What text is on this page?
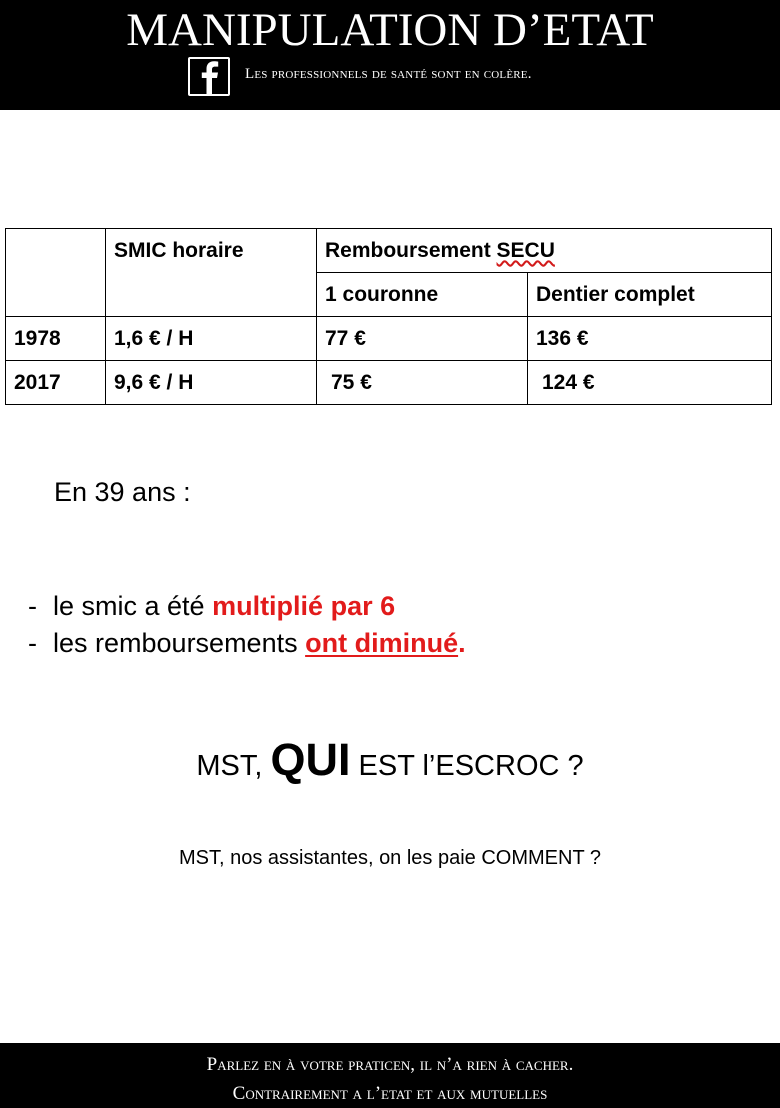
MANIPULATION D’ETAT
Les professionnels de santé sont en colère.
	SMIC horaire	Remboursement SECU	
		1 couronne	Dentier complet
1978	1,6 € / H	77 €	136 €
2017	9,6 € / H	75 €	124 €
En 39 ans :
- le smic a été multiplié par 6
- les remboursements ont diminué.
MST, QUI EST l’ESCROC ?
MST, nos assistantes, on les paie COMMENT ?
Parlez en à votre praticen, il n’a rien à cacher.
Contrairement a l’etat et aux mutuelles
